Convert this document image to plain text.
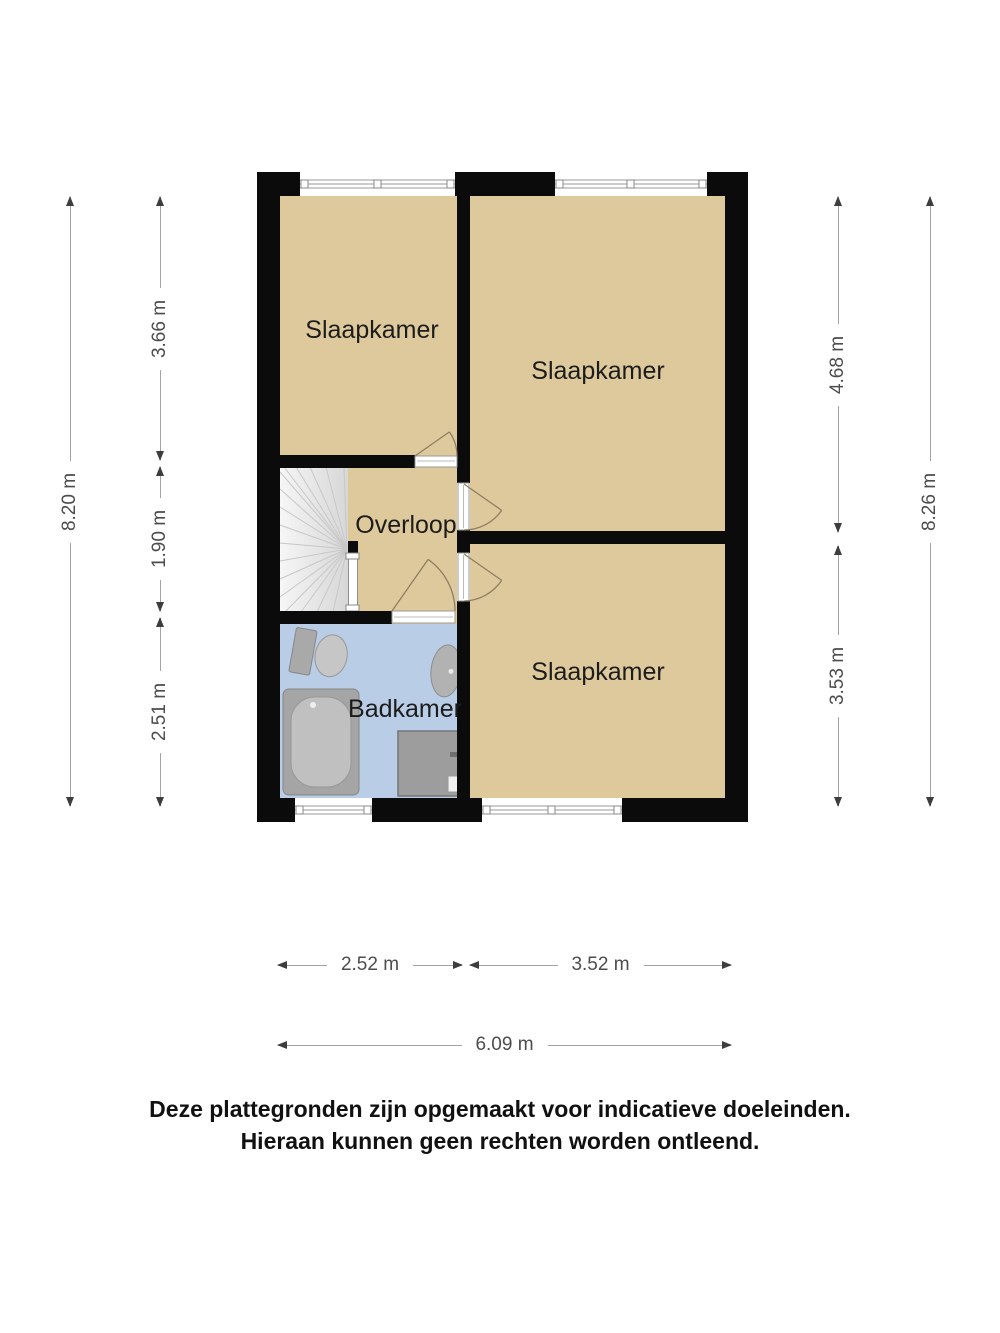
Slaapkamer
Slaapkamer
Overloop
Badkamer
Slaapkamer
8.20 m
3.66 m
1.90 m
2.51 m
4.68 m
3.53 m
8.26 m
2.52 m	3.52 m
6.09 m
Deze plattegronden zijn opgemaakt voor indicatieve doeleinden.
Hieraan kunnen geen rechten worden ontleend.
